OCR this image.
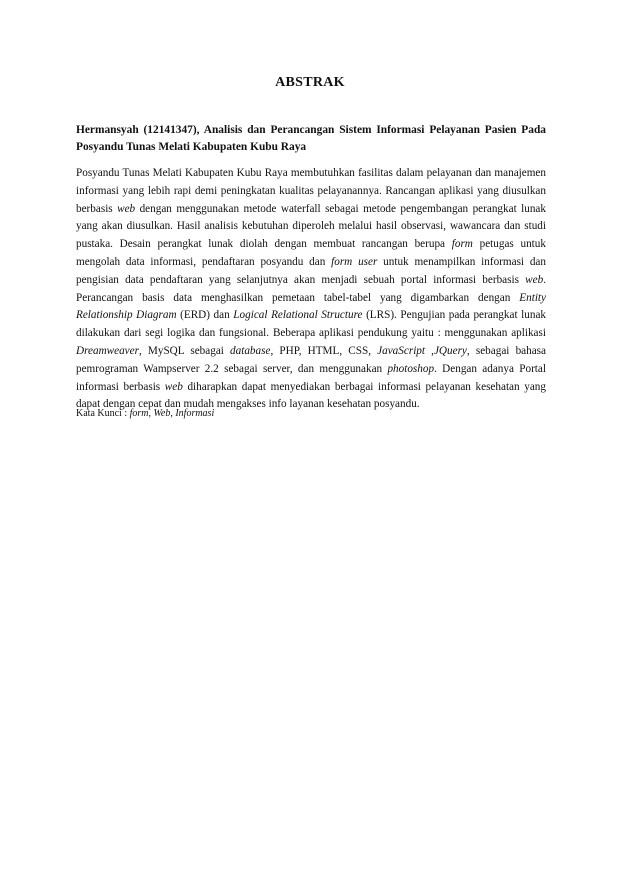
ABSTRAK
Hermansyah (12141347), Analisis dan Perancangan Sistem Informasi Pelayanan Pasien Pada Posyandu Tunas Melati Kabupaten Kubu Raya

Posyandu Tunas Melati Kabupaten Kubu Raya membutuhkan fasilitas dalam pelayanan dan manajemen informasi yang lebih rapi demi peningkatan kualitas pelayanannya. Rancangan aplikasi yang diusulkan berbasis web dengan menggunakan metode waterfall sebagai metode pengembangan perangkat lunak yang akan diusulkan. Hasil analisis kebutuhan diperoleh melalui hasil observasi, wawancara dan studi pustaka. Desain perangkat lunak diolah dengan membuat rancangan berupa form petugas untuk mengolah data informasi, pendaftaran posyandu dan form user untuk menampilkan informasi dan pengisian data pendaftaran yang selanjutnya akan menjadi sebuah portal informasi berbasis web. Perancangan basis data menghasilkan pemetaan tabel-tabel yang digambarkan dengan Entity Relationship Diagram (ERD) dan Logical Relational Structure (LRS). Pengujian pada perangkat lunak dilakukan dari segi logika dan fungsional. Beberapa aplikasi pendukung yaitu : menggunakan aplikasi Dreamweaver, MySQL sebagai database, PHP, HTML, CSS, JavaScript ,JQuery, sebagai bahasa pemrograman Wampserver 2.2 sebagai server, dan menggunakan photoshop. Dengan adanya Portal informasi berbasis web diharapkan dapat menyediakan berbagai informasi pelayanan kesehatan yang dapat dengan cepat dan mudah mengakses info layanan kesehatan posyandu.

Kata Kunci : form, Web, Informasi
